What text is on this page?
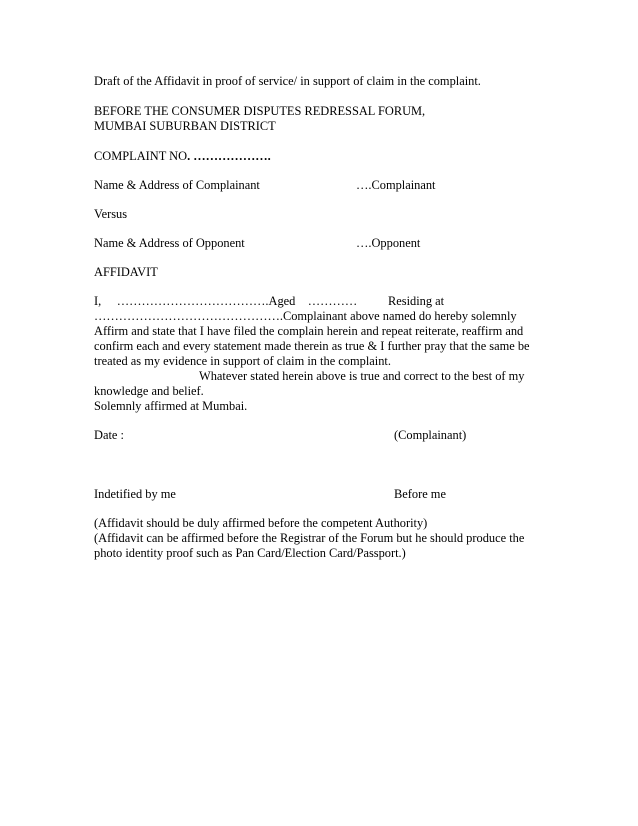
Draft of the Affidavit in proof of service/ in support of claim in the complaint.
BEFORE THE CONSUMER DISPUTES REDRESSAL FORUM,
MUMBAI SUBURBAN DISTRICT
COMPLAINT NO. ……………….
Name & Address of Complainant	….Complainant
Versus
Name & Address of Opponent	….Opponent
AFFIDAVIT
I,     ……………………………….Aged    ………… Residing at
……………………………………….Complainant above named do hereby solemnly
Affirm and state that I have filed the complain herein and repeat reiterate, reaffirm and
confirm each and every statement made therein as true & I further pray that the same be
treated as my evidence in support of claim in the complaint.
Whatever stated herein above is true and correct to the best of my
knowledge and belief.
Solemnly affirmed at Mumbai.
Date :	(Complainant)
Indetified by me	Before me
(Affidavit should be duly affirmed before the competent Authority)
(Affidavit can be affirmed before the Registrar of the Forum but he should produce the
photo identity proof such as Pan Card/Election Card/Passport.)
